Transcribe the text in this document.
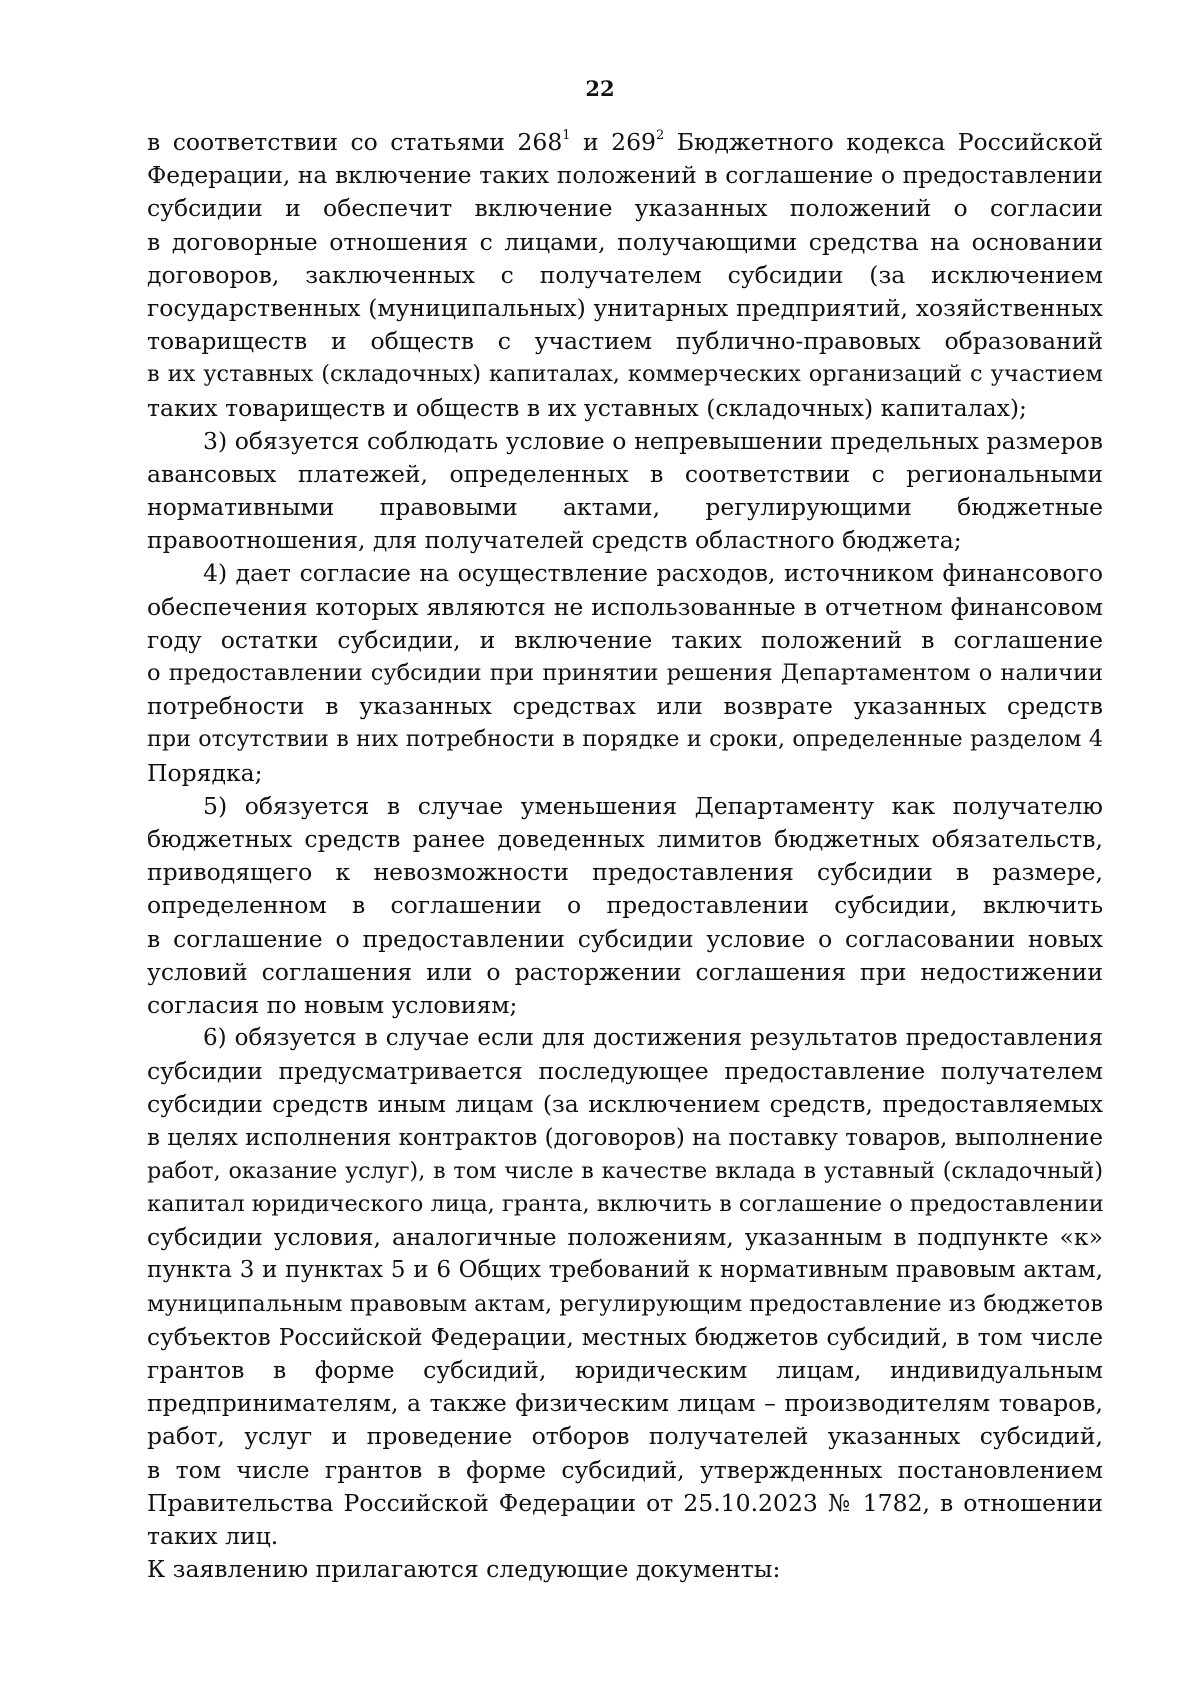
22
в соответствии со статьями $268^1$ и $269^2$ Бюджетного кодекса Российской
Федерации, на включение таких положений в соглашение о предоставлении
субсидии и обеспечит включение указанных положений о согласии
в договорные отношения с лицами, получающими средства на основании
договоров, заключенных с получателем субсидии (за исключением
государственных (муниципальных) унитарных предприятий, хозяйственных
товариществ и обществ с участием публично-правовых образований
в их уставных (складочных) капиталах, коммерческих организаций с участием
таких товариществ и обществ в их уставных (складочных) капиталах);
3) обязуется соблюдать условие о непревышении предельных размеров
авансовых платежей, определенных в соответствии с региональными
нормативными правовыми актами, регулирующими бюджетные
правоотношения, для получателей средств областного бюджета;
4) дает согласие на осуществление расходов, источником финансового
обеспечения которых являются не использованные в отчетном финансовом
году остатки субсидии, и включение таких положений в соглашение
о предоставлении субсидии при принятии решения Департаментом о наличии
потребности в указанных средствах или возврате указанных средств
при отсутствии в них потребности в порядке и сроки, определенные разделом 4
Порядка;
5) обязуется в случае уменьшения Департаменту как получателю
бюджетных средств ранее доведенных лимитов бюджетных обязательств,
приводящего к невозможности предоставления субсидии в размере,
определенном в соглашении о предоставлении субсидии, включить
в соглашение о предоставлении субсидии условие о согласовании новых
условий соглашения или о расторжении соглашения при недостижении
согласия по новым условиям;
6) обязуется в случае если для достижения результатов предоставления
субсидии предусматривается последующее предоставление получателем
субсидии средств иным лицам (за исключением средств, предоставляемых
в целях исполнения контрактов (договоров) на поставку товаров, выполнение
работ, оказание услуг), в том числе в качестве вклада в уставный (складочный)
капитал юридического лица, гранта, включить в соглашение о предоставлении
субсидии условия, аналогичные положениям, указанным в подпункте «к»
пункта 3 и пунктах 5 и 6 Общих требований к нормативным правовым актам,
муниципальным правовым актам, регулирующим предоставление из бюджетов
субъектов Российской Федерации, местных бюджетов субсидий, в том числе
грантов в форме субсидий, юридическим лицам, индивидуальным
предпринимателям, а также физическим лицам – производителям товаров,
работ, услуг и проведение отборов получателей указанных субсидий,
в том числе грантов в форме субсидий, утвержденных постановлением
Правительства Российской Федерации от 25.10.2023 № 1782, в отношении
таких лиц.
К заявлению прилагаются следующие документы:
